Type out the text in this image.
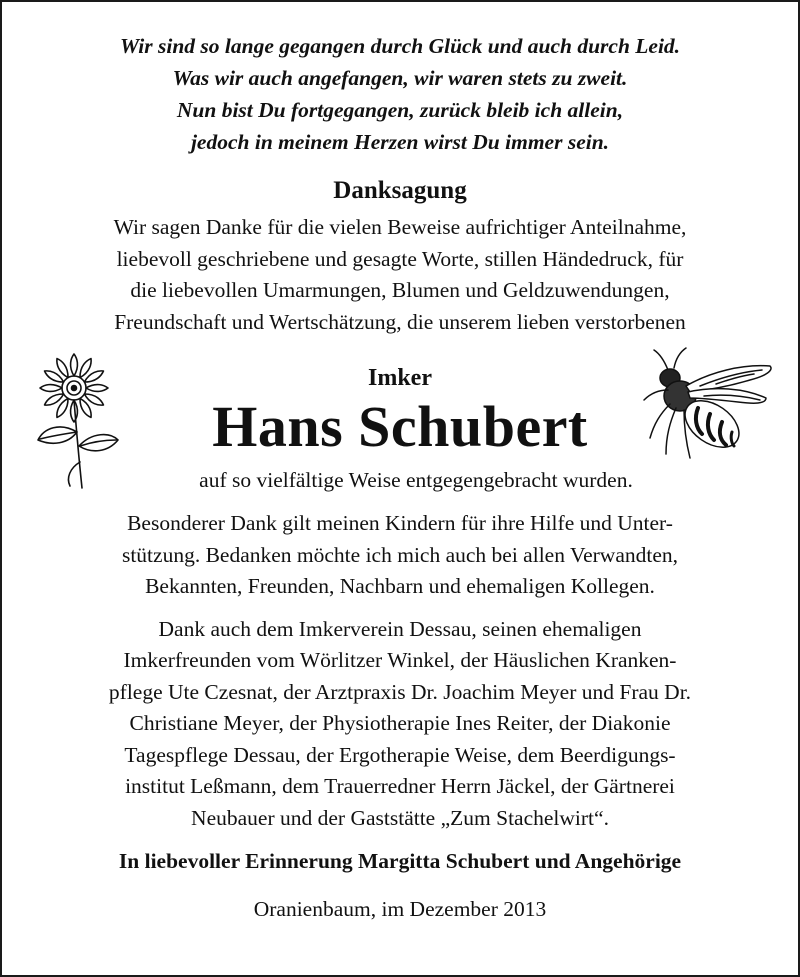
Wir sind so lange gegangen durch Glück und auch durch Leid.
Was wir auch angefangen, wir waren stets zu zweit.
Nun bist Du fortgegangen, zurück bleib ich allein,
jedoch in meinem Herzen wirst Du immer sein.
Danksagung
Wir sagen Danke für die vielen Beweise aufrichtiger Anteilnahme,
liebevoll geschriebene und gesagte Worte, stillen Händedruck, für
die liebevollen Umarmungen, Blumen und Geldzuwendungen,
Freundschaft und Wertschätzung, die unserem lieben verstorbenen
Imker
Hans Schubert
auf so vielfältige Weise entgegengebracht wurden.
Besonderer Dank gilt meinen Kindern für ihre Hilfe und Unter-
stützung. Bedanken möchte ich mich auch bei allen Verwandten,
Bekannten, Freunden, Nachbarn und ehemaligen Kollegen.
Dank auch dem Imkerverein Dessau, seinen ehemaligen
Imkerfreunden vom Wörlitzer Winkel, der Häuslichen Kranken-
pflege Ute Czesnat, der Arztpraxis Dr. Joachim Meyer und Frau Dr.
Christiane Meyer, der Physiotherapie Ines Reiter, der Diakonie
Tagespflege Dessau, der Ergotherapie Weise, dem Beerdigungs-
institut Leßmann, dem Trauerredner Herrn Jäckel, der Gärtnerei
Neubauer und der Gaststätte „Zum Stachelwirt“.
In liebevoller Erinnerung Margitta Schubert und Angehörige
Oranienbaum, im Dezember 2013
